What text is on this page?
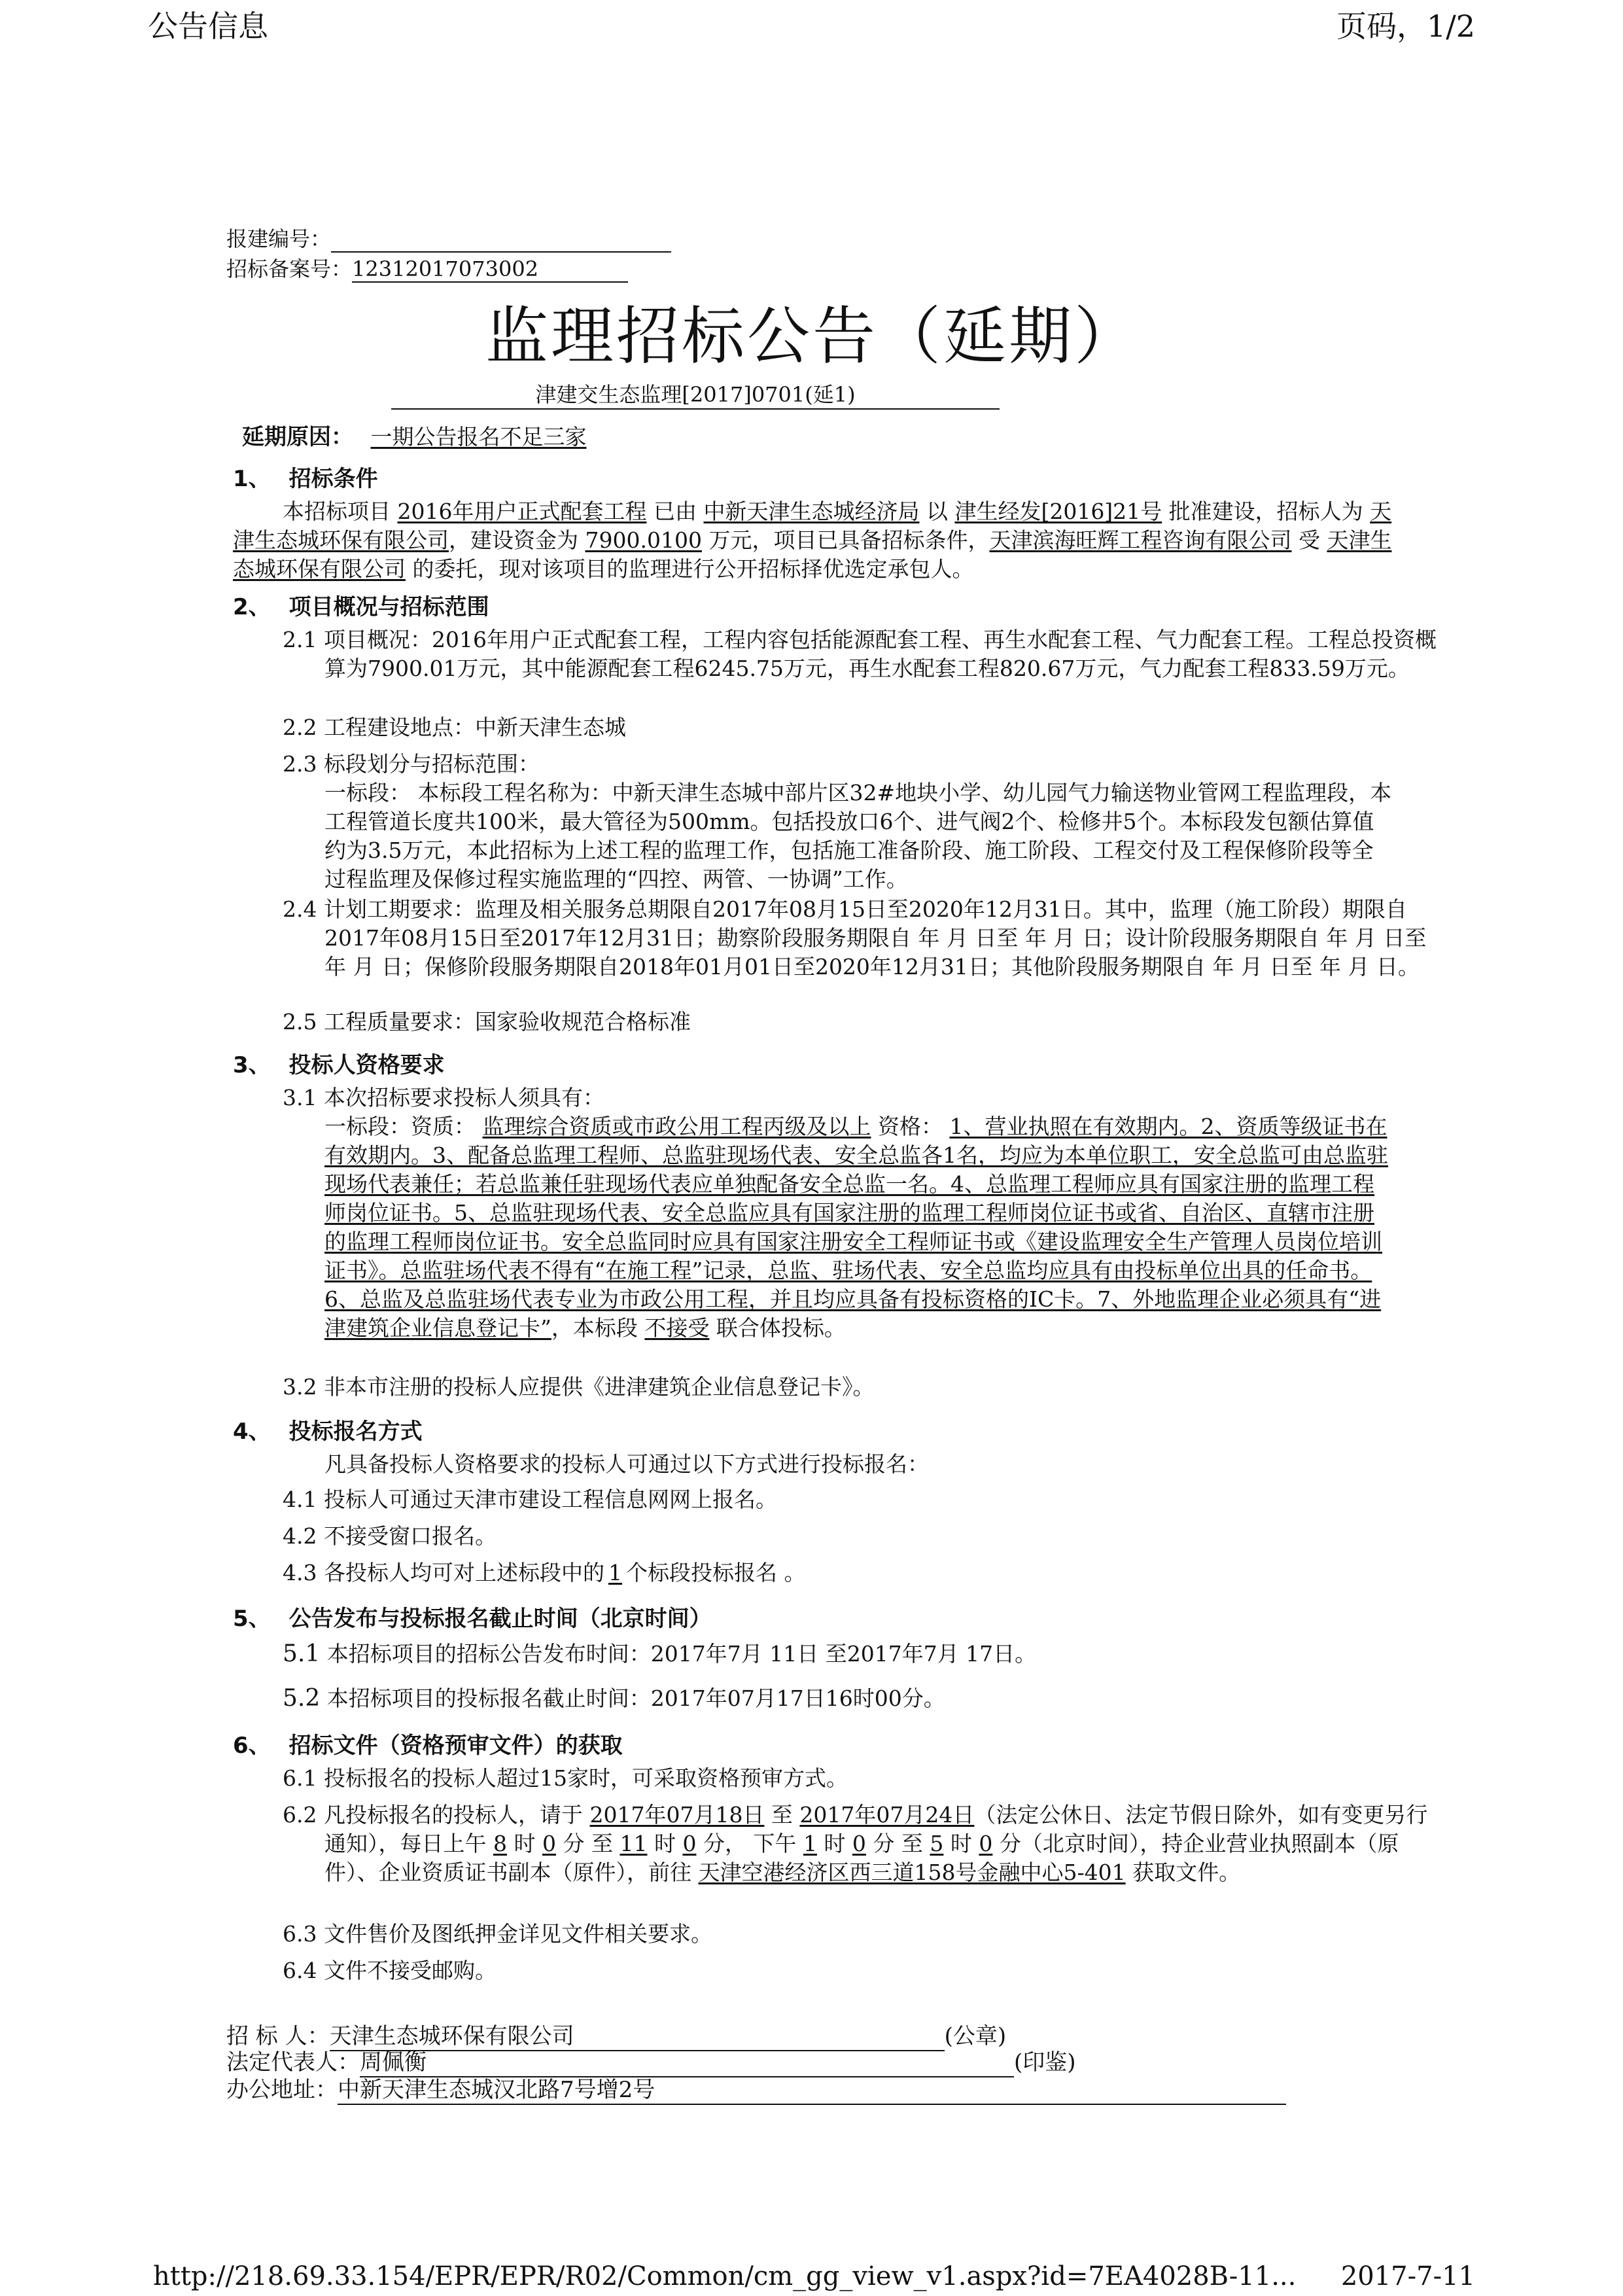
公告信息	页码，1/2
报建编号：
招标备案号：12312017073002
监理招标公告（延期）
津建交生态监理[2017]0701(延1)
延期原因： 一期公告报名不足三家
1、 招标条件
本招标项目 2016年用户正式配套工程 已由 中新天津生态城经济局 以 津生经发[2016]21号 批准建设，招标人为 天津生态城环保有限公司，建设资金为 7900.0100 万元，项目已具备招标条件，天津滨海旺辉工程咨询有限公司 受 天津生态城环保有限公司 的委托，现对该项目的监理进行公开招标择优选定承包人。
2、 项目概况与招标范围
2.1 项目概况：2016年用户正式配套工程，工程内容包括能源配套工程、再生水配套工程、气力配套工程。工程总投资概算为7900.01万元，其中能源配套工程6245.75万元，再生水配套工程820.67万元，气力配套工程833.59万元。
2.2 工程建设地点：中新天津生态城
2.3 标段划分与招标范围：
一标段： 本标段工程名称为：中新天津生态城中部片区32#地块小学、幼儿园气力输送物业管网工程监理段，本工程管道长度共100米，最大管径为500mm。包括投放口6个、进气阀2个、检修井5个。本标段发包额估算值约为3.5万元，本此招标为上述工程的监理工作，包括施工准备阶段、施工阶段、工程交付及工程保修阶段等全过程监理及保修过程实施监理的“四控、两管、一协调”工作。
2.4 计划工期要求：监理及相关服务总期限自2017年08月15日至2020年12月31日。其中，监理（施工阶段）期限自2017年08月15日至2017年12月31日；勘察阶段服务期限自 年 月 日至 年 月 日；设计阶段服务期限自 年 月 日至 年 月 日；保修阶段服务期限自2018年01月01日至2020年12月31日；其他阶段服务期限自 年 月 日至 年 月 日。
2.5 工程质量要求：国家验收规范合格标准
3、 投标人资格要求
3.1 本次招标要求投标人须具有：
一标段：资质： 监理综合资质或市政公用工程丙级及以上 资格： 1、营业执照在有效期内。2、资质等级证书在有效期内。3、配备总监理工程师、总监驻现场代表、安全总监各1名，均应为本单位职工，安全总监可由总监驻现场代表兼任；若总监兼任驻现场代表应单独配备安全总监一名。4、总监理工程师应具有国家注册的监理工程师岗位证书。5、总监驻现场代表、安全总监应具有国家注册的监理工程师岗位证书或省、自治区、直辖市注册的监理工程师岗位证书。安全总监同时应具有国家注册安全工程师证书或《建设监理安全生产管理人员岗位培训证书》。总监驻场代表不得有“在施工程”记录，总监、驻场代表、安全总监均应具有由投标单位出具的任命书。6、总监及总监驻场代表专业为市政公用工程，并且均应具备有投标资格的IC卡。7、外地监理企业必须具有“进津建筑企业信息登记卡”，本标段 不接受 联合体投标。
3.2 非本市注册的投标人应提供《进津建筑企业信息登记卡》。
4、 投标报名方式
凡具备投标人资格要求的投标人可通过以下方式进行投标报名：
4.1 投标人可通过天津市建设工程信息网网上报名。
4.2 不接受窗口报名。
4.3 各投标人均可对上述标段中的 1 个标段投标报名 。
5、 公告发布与投标报名截止时间（北京时间）
5.1 本招标项目的招标公告发布时间：2017年7月 11日 至2017年7月 17日。
5.2 本招标项目的投标报名截止时间：2017年07月17日16时00分。
6、 招标文件（资格预审文件）的获取
6.1 投标报名的投标人超过15家时，可采取资格预审方式。
6.2 凡投标报名的投标人，请于 2017年07月18日 至 2017年07月24日（法定公休日、法定节假日除外，如有变更另行通知），每日上午 8 时 0 分 至 11 时 0 分， 下午 1 时 0 分 至 5 时 0 分（北京时间），持企业营业执照副本（原件）、企业资质证书副本（原件），前往 天津空港经济区西三道158号金融中心5-401 获取文件。
6.3 文件售价及图纸押金详见文件相关要求。
6.4 文件不接受邮购。
招 标 人：天津生态城环保有限公司	(公章)
法定代表人：周佩衡	(印鉴)
办公地址：中新天津生态城汉北路7号增2号
http://218.69.33.154/EPR/EPR/R02/Common/cm_gg_view_v1.aspx?id=7EA4028B-11... 2017-7-11
